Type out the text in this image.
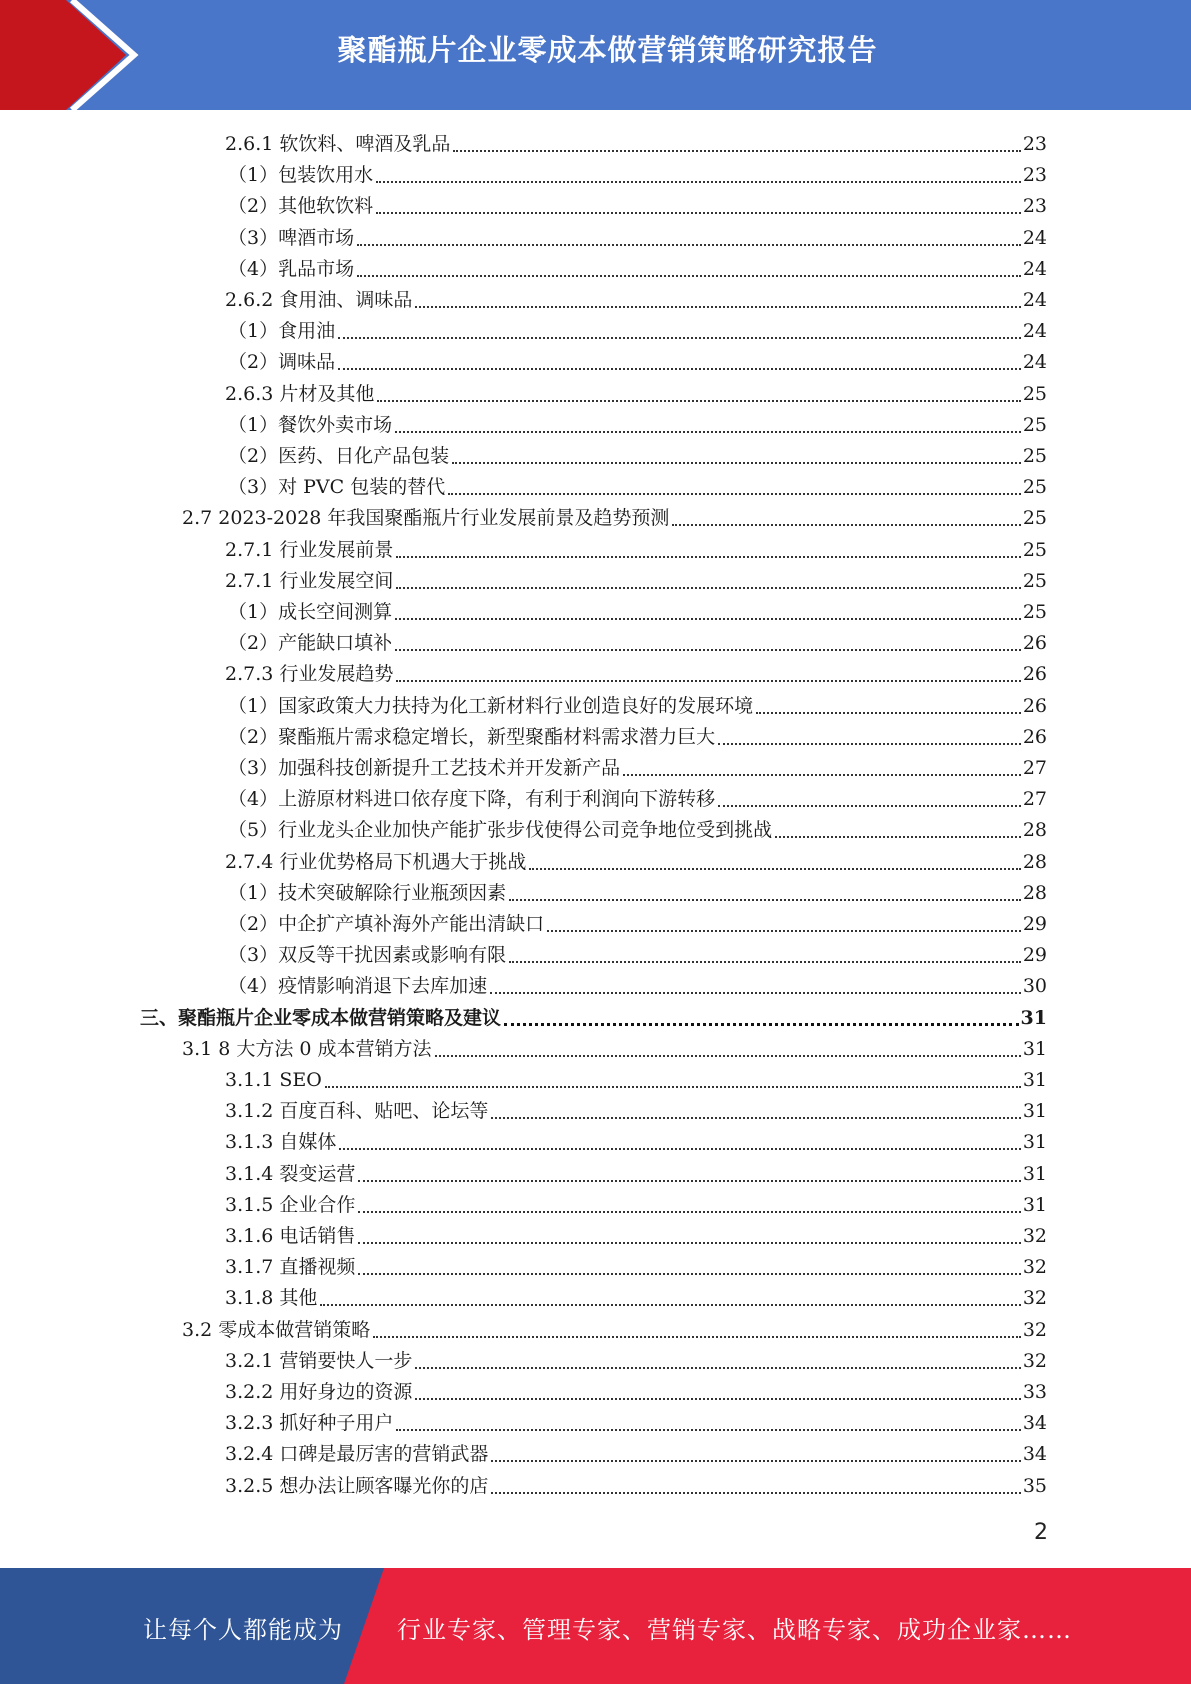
聚酯瓶片企业零成本做营销策略研究报告
2.6.1 软饮料、啤酒及乳品	23
（1）包装饮用水	23
（2）其他软饮料	23
（3）啤酒市场	24
（4）乳品市场	24
2.6.2 食用油、调味品	24
（1）食用油	24
（2）调味品	24
2.6.3 片材及其他	25
（1）餐饮外卖市场	25
（2）医药、日化产品包装	25
（3）对 PVC 包装的替代	25
2.7 2023-2028 年我国聚酯瓶片行业发展前景及趋势预测	25
2.7.1 行业发展前景	25
2.7.1 行业发展空间	25
（1）成长空间测算	25
（2）产能缺口填补	26
2.7.3 行业发展趋势	26
（1）国家政策大力扶持为化工新材料行业创造良好的发展环境	26
（2）聚酯瓶片需求稳定增长，新型聚酯材料需求潜力巨大	26
（3）加强科技创新提升工艺技术并开发新产品	27
（4）上游原材料进口依存度下降，有利于利润向下游转移	27
（5）行业龙头企业加快产能扩张步伐使得公司竞争地位受到挑战	28
2.7.4 行业优势格局下机遇大于挑战	28
（1）技术突破解除行业瓶颈因素	28
（2）中企扩产填补海外产能出清缺口	29
（3）双反等干扰因素或影响有限	29
（4）疫情影响消退下去库加速	30
三、聚酯瓶片企业零成本做营销策略及建议	31
3.1 8 大方法 0 成本营销方法	31
3.1.1 SEO	31
3.1.2 百度百科、贴吧、论坛等	31
3.1.3 自媒体	31
3.1.4 裂变运营	31
3.1.5 企业合作	31
3.1.6 电话销售	32
3.1.7 直播视频	32
3.1.8 其他	32
3.2 零成本做营销策略	32
3.2.1 营销要快人一步	32
3.2.2 用好身边的资源	33
3.2.3 抓好种子用户	34
3.2.4 口碑是最厉害的营销武器	34
3.2.5 想办法让顾客曝光你的店	35
2
让每个人都能成为 行业专家、管理专家、营销专家、战略专家、成功企业家……
